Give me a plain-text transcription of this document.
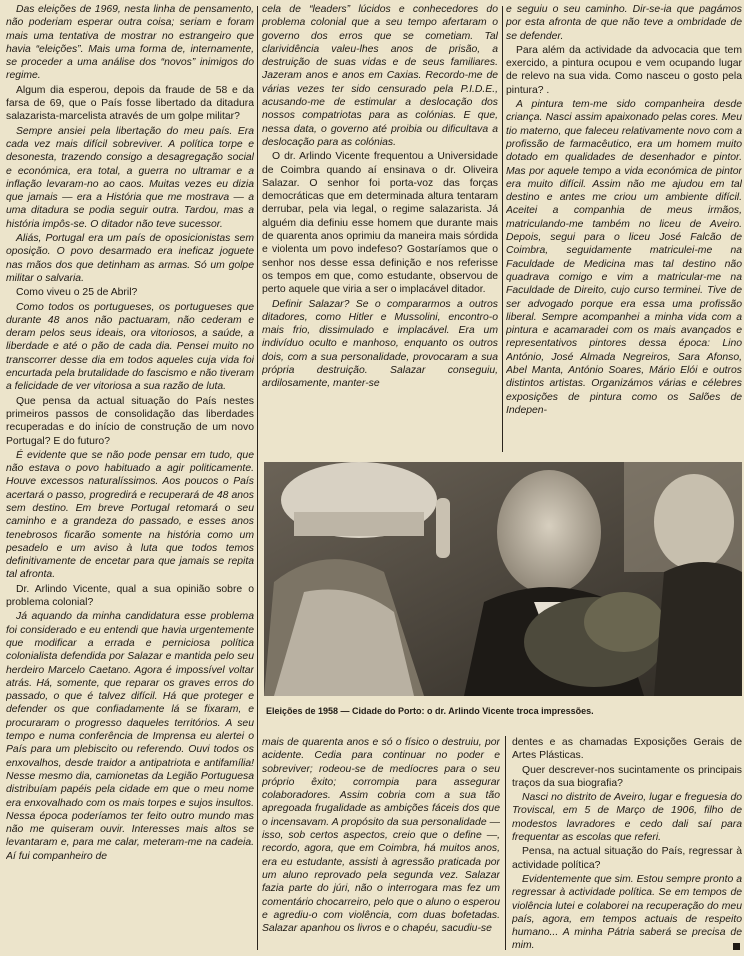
Das eleições de 1969, nesta linha de pensamento, não poderiam esperar outra coisa; seriam e foram mais uma tentativa de mostrar no estrangeiro que havia “eleições”. Mais uma forma de, internamente, se proceder a uma análise dos “novos” inimigos do regime.

Algum dia esperou, depois da fraude de 58 e da farsa de 69, que o País fosse libertado da ditadura salazarista-marcelista através de um golpe militar?

Sempre ansiei pela libertação do meu país. Era cada vez mais difícil sobreviver. A política torpe e desonesta, trazendo consigo a desagregação social e económica, era total, a guerra no ultramar e a inflação levaram-no ao caos. Muitas vezes eu dizia que jamais — era a História que me mostrava — a uma ditadura se podia seguir outra. Tardou, mas a história impôs-se. O ditador não teve sucessor.

Aliás, Portugal era um país de oposicionistas sem oposição. O povo desarmado era ineficaz joguete nas mãos dos que detinham as armas. Só um golpe militar o salvaria.

Como viveu o 25 de Abril?

Como todos os portugueses, os portugueses que durante 48 anos não pactuaram, não cederam e deram pelos seus ideais, ora vitoriosos, a saúde, a liberdade e até o pão de cada dia. Pensei muito no transcorrer desse dia em todos aqueles cuja vida foi encurtada pela brutalidade do fascismo e não tiveram a felicidade de ver vitoriosa a sua razão de luta.

Que pensa da actual situação do País nestes primeiros passos de consolidação das liberdades recuperadas e do início de construção de um novo Portugal? E do futuro?

É evidente que se não pode pensar em tudo, que não estava o povo habituado a agir politicamente. Houve excessos naturalíssimos. Aos poucos o País acertará o passo, progredirá e recuperará de 48 anos sem destino. Em breve Portugal retomará o seu caminho e a grandeza do passado, e esses anos tenebrosos ficarão somente na história como um pesadelo e um aviso à luta que todos temos definitivamente de encetar para que jamais se repita tal afronta.

Dr. Arlindo Vicente, qual a sua opinião sobre o problema colonial?

Já aquando da minha candidatura esse problema foi considerado e eu entendi que havia urgentemente que modificar a errada e perniciosa política colonialista defendida por Salazar e mantida pelo seu herdeiro Marcelo Caetano. Agora é impossível voltar atrás. Há, somente, que reparar os graves erros do passado, o que é talvez difícil. Há que proteger e defender os que confiadamente lá se fixaram, e procuraram o progresso daqueles territórios. A seu tempo e numa conferência de Imprensa eu alertei o País para um plebiscito ou referendo. Ouvi todos os enxovalhos, desde traidor a antipatriota e antifamília! Nesse mesmo dia, camionetas da Legião Portuguesa distribuíam papéis pela cidade em que o meu nome era enxovalhado com os mais torpes e sujos insultos. Nessa época poderíamos ter feito outro mundo mas não me quiseram ouvir. Interesses mais altos se levantaram e, para me calar, meteram-me na cadeia. Aí fui companheiro de

cela de “leaders” lúcidos e conhecedores do problema colonial que a seu tempo afertaram o governo dos erros que se cometiam. Tal clarividência valeu-lhes anos de prisão, a destruição de suas vidas e de seus familiares. Jazeram anos e anos em Caxias. Recordo-me de várias vezes ter sido censurado pela P.I.D.E., acusando-me de estimular a deslocação dos nossos compatriotas para as colónias. E que, nessa data, o governo até proibia ou dificultava a deslocação para as colónias.

O dr. Arlindo Vicente frequentou a Universidade de Coimbra quando aí ensinava o dr. Oliveira Salazar. O senhor foi porta-voz das forças democráticas que em determinada altura tentaram derrubar, pela via legal, o regime salazarista. Já alguém dia definiu esse homem que durante mais de quarenta anos oprimiu da maneira mais sórdida e violenta um povo indefeso? Gostaríamos que o senhor nos desse essa definição e nos referisse os tempos em que, como estudante, observou de perto aquele que viria a ser o implacável ditador.

Definir Salazar? Se o compararmos a outros ditadores, como Hitler e Mussolini, encontro-o mais frio, dissimulado e implacável. Era um indivíduo oculto e manhoso, enquanto os outros dois, com a sua personalidade, provocaram a sua própria destruição. Salazar conseguiu, ardilosamente, manter-se

e seguiu o seu caminho. Dir-se-ia que pagámos por esta afronta de que não teve a ombridade de se defender.

Para além da actividade da advocacia que tem exercido, a pintura ocupou e vem ocupando lugar de relevo na sua vida. Como nasceu o gosto pela pintura? .

A pintura tem-me sido companheira desde criança. Nasci assim apaixonado pelas cores. Meu tio materno, que faleceu relativamente novo com a profissão de farmacêutico, era um homem muito dotado em qualidades de desenhador e pintor. Mas por aquele tempo a vida económica de pintor era muito difícil. Assim não me ajudou em tal destino e antes me criou um ambiente difícil. Aceitei a companhia de meus irmãos, matriculando-me também no liceu de Aveiro. Depois, segui para o liceu José Falcão de Coimbra, seguidamente matriculei-me na Faculdade de Medicina mas tal destino não quadrava comigo e vim a matricular-me na Faculdade de Direito, cujo curso terminei. Tive de ser advogado porque era essa uma profissão liberal. Sempre acompanhei a minha vida com a pintura e acamaradei com os mais avançados e representativos pintores dessa época: Lino António, José Almada Negreiros, Sara Afonso, Abel Manta, António Soares, Mário Elói e outros distintos artistas. Organizámos várias e célebres exposições de pintura como os Salões de Indepen-

Eleições de 1958 — Cidade do Porto: o dr. Arlindo Vicente troca impressões.

mais de quarenta anos e só o físico o destruiu, por acidente. Cedia para continuar no poder e sobreviver; rodeou-se de medíocres para o seu próprio êxito; corrompia para assegurar colaboradores. Assim cobria com a sua tão apregoada frugalidade as ambições fáceis dos que o incensavam. A propósito da sua personalidade — isso, sob certos aspectos, creio que o define —, recordo, agora, que em Coimbra, há muitos anos, era eu estudante, assisti à agressão praticada por um aluno reprovado pela segunda vez. Salazar fazia parte do júri, não o interrogara mas fez um comentário chocarreiro, pelo que o aluno o esperou e agrediu-o com violência, com duas bofetadas. Salazar apanhou os livros e o chapéu, sacudiu-se

dentes e as chamadas Exposições Gerais de Artes Plásticas.

Quer descrever-nos sucintamente os principais traços da sua biografia?

Nasci no distrito de Aveiro, lugar e freguesia do Troviscal, em 5 de Março de 1906, filho de modestos lavradores e cedo dali saí para frequentar as escolas que referi.

Pensa, na actual situação do País, regressar à actividade política?

Evidentemente que sim. Estou sempre pronto a regressar à actividade política. Se em tempos de violência lutei e colaborei na recuperação do meu país, agora, em tempos actuais de respeito humano... A minha Pátria saberá se precisa de mim.
